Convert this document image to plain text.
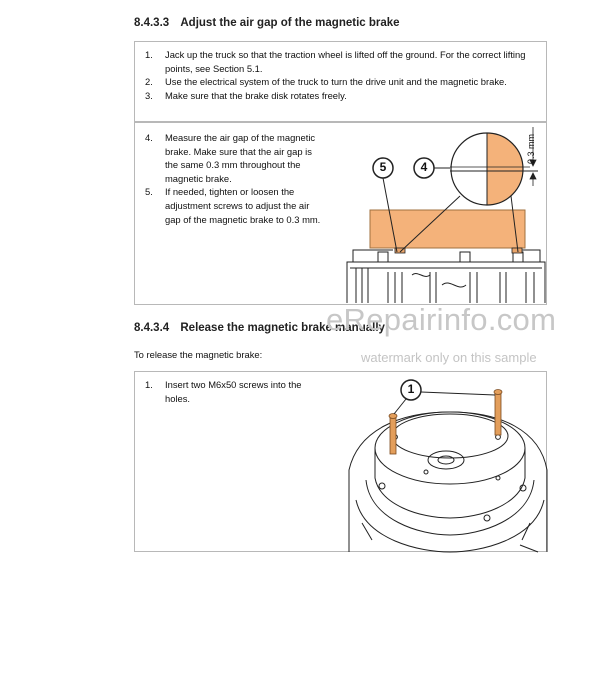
8.4.3.3 Adjust the air gap of the magnetic brake
1.	Jack up the truck so that the traction wheel is lifted off the ground. For the correct lifting points, see Section 5.1.
2.	Use the electrical system of the truck to turn the drive unit and the magnetic brake.
3.	Make sure that the brake disk rotates freely.
4.	Measure the air gap of the magnetic brake. Make sure that the air gap is the same 0.3 mm throughout the magnetic brake.
5.	If needed, tighten or loosen the adjustment screws to adjust the air gap of the magnetic brake to 0.3 mm.
5	4
0.3 mm
8.4.3.4 Release the magnetic brake manually
To release the magnetic brake:
1.	Insert two M6x50 screws into the holes.
1
eRepairinfo.com
watermark only on this sample
